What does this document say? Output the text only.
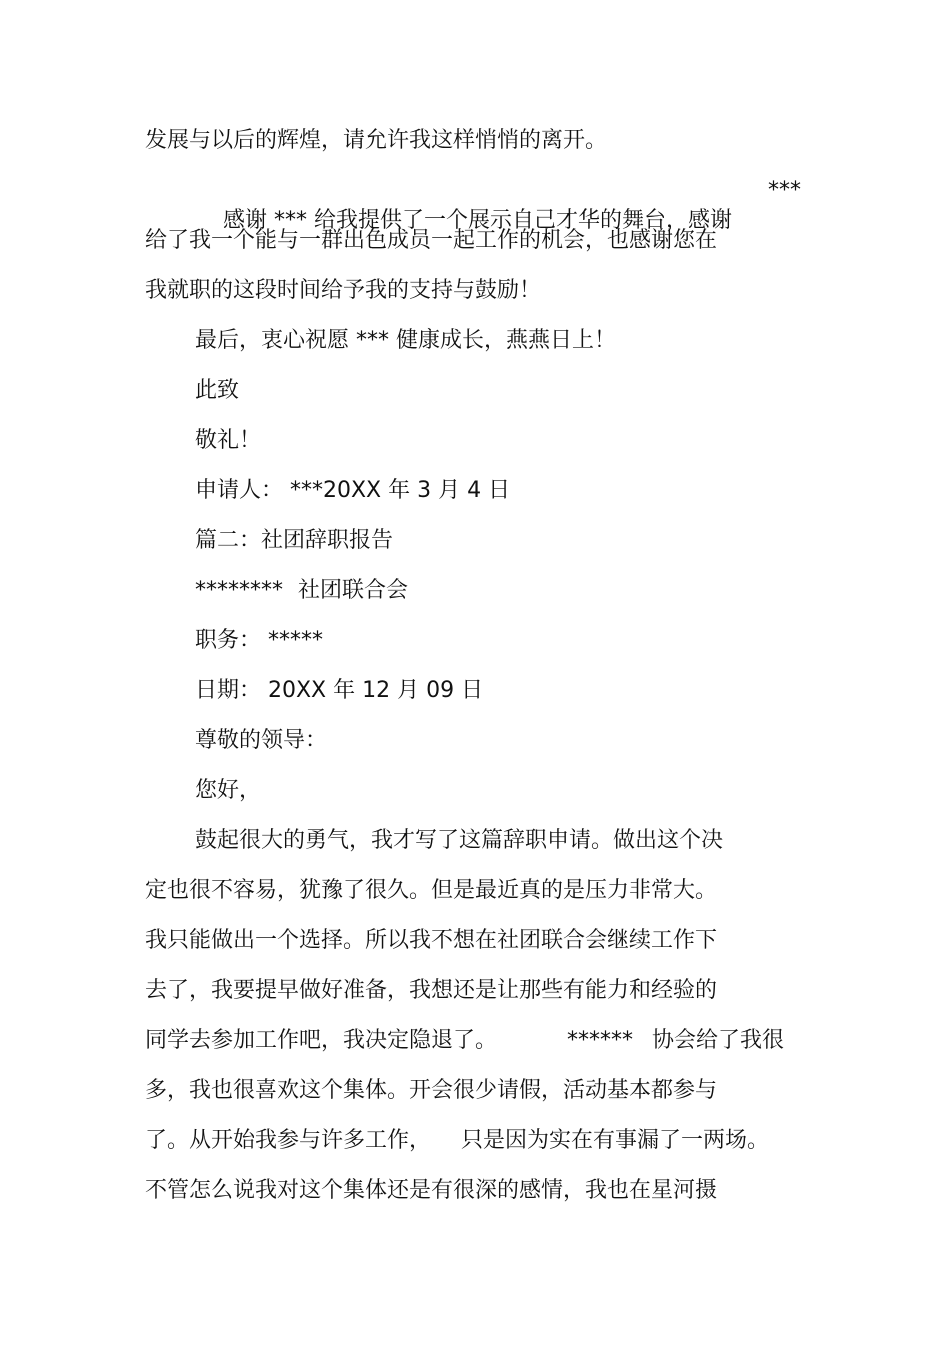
发展与以后的辉煌，请允许我这样悄悄的离开。

感谢 *** 给我提供了一个展示自己才华的舞台，感谢

***
给了我一个能与一群出色成员一起工作的机会，也感谢您在
我就职的这段时间给予我的支持与鼓励！
最后，衷心祝愿 *** 健康成长，燕燕日上！
此致
敬礼！
申请人： ***20XX 年 3 月 4 日
篇二：社团辞职报告
******** 社团联合会
职务： *****
日期： 20XX 年 12 月 09 日
尊敬的领导：
您好，
鼓起很大的勇气，我才写了这篇辞职申请。做出这个决
定也很不容易，犹豫了很久。但是最近真的是压力非常大。
我只能做出一个选择。所以我不想在社团联合会继续工作下
去了，我要提早做好准备，我想还是让那些有能力和经验的
同学去参加工作吧，我决定隐退了。	****** 协会给了我很
多，我也很喜欢这个集体。开会很少请假，活动基本都参与
了。从开始我参与许多工作， 只是因为实在有事漏了一两场。
不管怎么说我对这个集体还是有很深的感情，我也在星河摄
